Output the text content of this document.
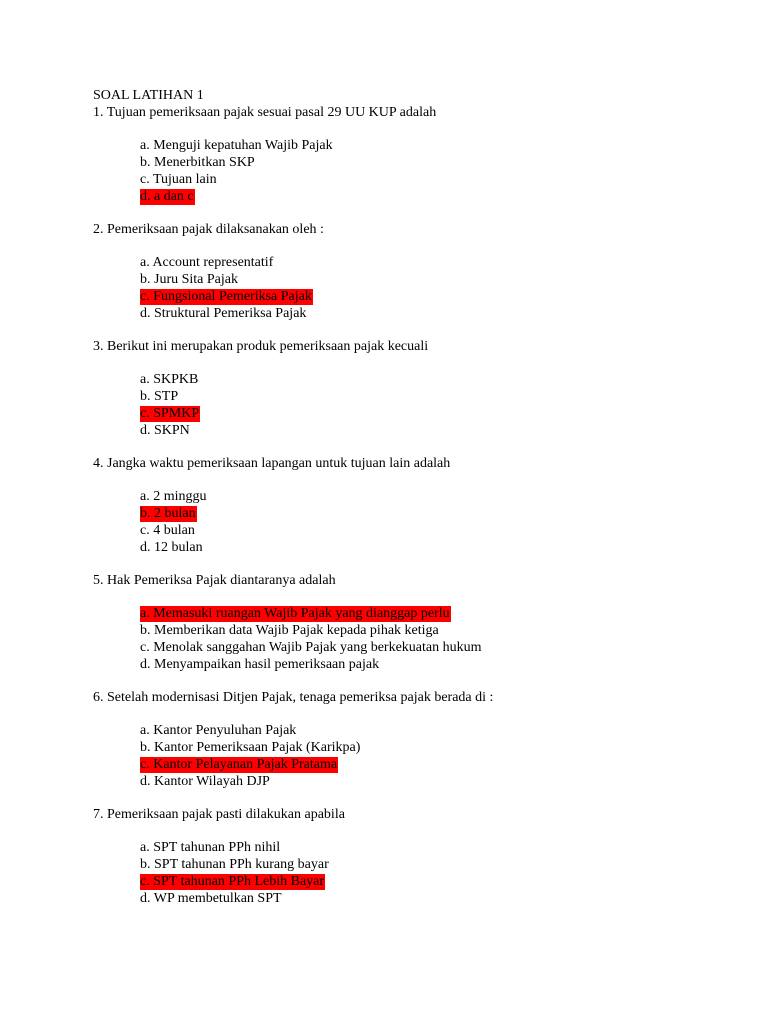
SOAL LATIHAN 1
1. Tujuan pemeriksaan pajak sesuai pasal 29 UU KUP adalah
a. Menguji kepatuhan Wajib Pajak
b. Menerbitkan SKP
c. Tujuan lain
d. a dan c
2. Pemeriksaan pajak dilaksanakan oleh :
a. Account representatif
b. Juru Sita Pajak
c. Fungsional Pemeriksa Pajak
d. Struktural Pemeriksa Pajak
3. Berikut ini merupakan produk pemeriksaan pajak kecuali
a. SKPKB
b. STP
c. SPMKP
d. SKPN
4. Jangka waktu pemeriksaan lapangan untuk tujuan lain adalah
a. 2 minggu
b. 2 bulan
c. 4 bulan
d. 12 bulan
5. Hak Pemeriksa Pajak diantaranya adalah
a. Memasuki ruangan Wajib Pajak yang dianggap perlu
b. Memberikan data Wajib Pajak kepada pihak ketiga
c. Menolak sanggahan Wajib Pajak yang berkekuatan hukum
d. Menyampaikan hasil pemeriksaan pajak
6. Setelah modernisasi Ditjen Pajak, tenaga pemeriksa pajak berada di :
a. Kantor Penyuluhan Pajak
b. Kantor Pemeriksaan Pajak (Karikpa)
c. Kantor Pelayanan Pajak Pratama
d. Kantor Wilayah DJP
7. Pemeriksaan pajak pasti dilakukan apabila
a. SPT tahunan PPh nihil
b. SPT tahunan PPh kurang bayar
c. SPT tahunan PPh Lebih Bayar
d. WP membetulkan SPT
